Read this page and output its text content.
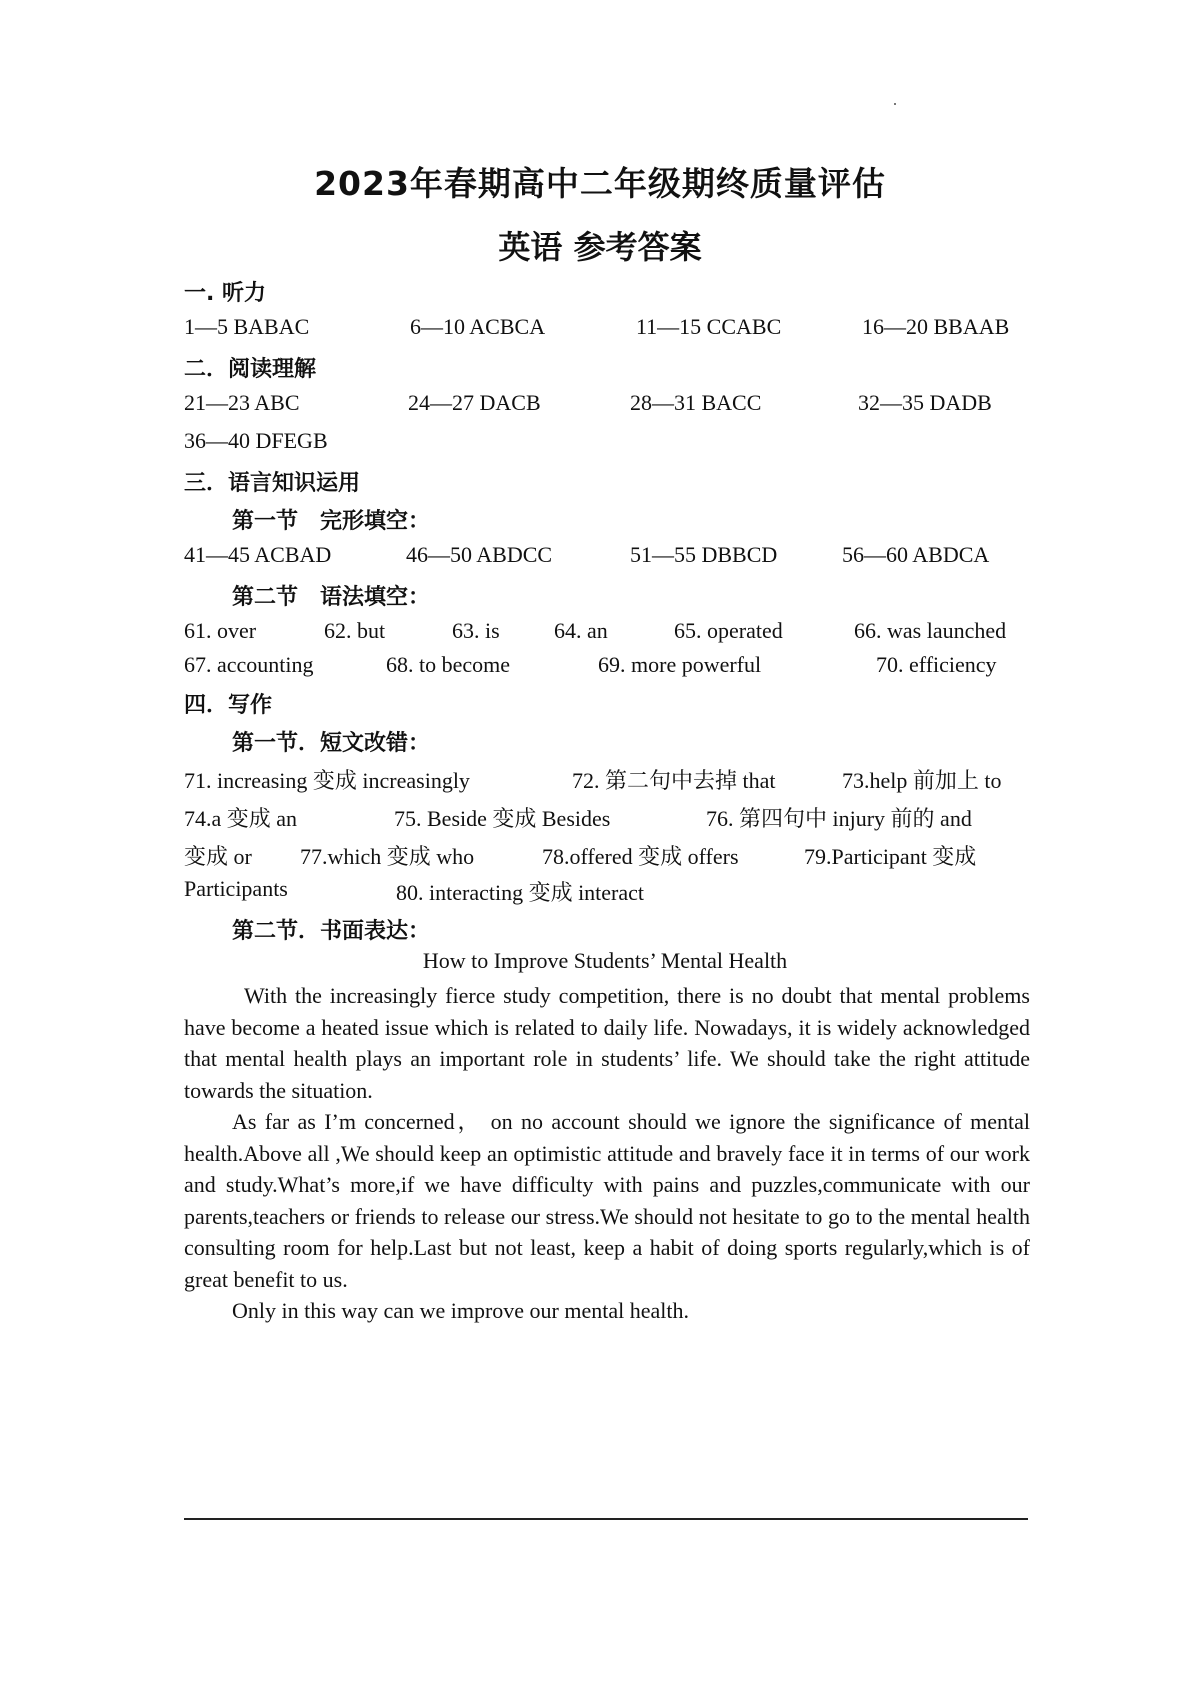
2023年春期高中二年级期终质量评估
英语 参考答案
一. 听力
1—5 BABAC	6—10 ACBCA	11—15 CCABC	16—20 BBAAB
二．阅读理解
21—23 ABC	24—27 DACB	28—31 BACC	32—35 DADB
36—40 DFEGB
三．语言知识运用
第一节　完形填空：
41—45 ACBAD	46—50 ABDCC	51—55 DBBCD	56—60 ABDCA
第二节　语法填空：
61. over	62. but	63. is 64. an	65. operated	66. was launched
67. accounting	68. to become	69. more powerful	70. efficiency
四．写作
第一节．短文改错：
71. increasing 变成 increasingly	72. 第二句中去掉 that	73.help 前加上 to
74.a 变成 an	75. Beside 变成 Besides	76. 第四句中 injury 前的 and
变成 or 77.which 变成 who	78.offered 变成 offers	79.Participant 变成
Participants	80. interacting 变成 interact
第二节．书面表达：
How to Improve Students’ Mental Health

With the increasingly fierce study competition, there is no doubt that mental problems have become a heated issue which is related to daily life. Nowadays, it is widely acknowledged that mental health plays an important role in students’ life. We should take the right attitude towards the situation.

As far as I’m concerned， on no account should we ignore the significance of mental health.Above all ,We should keep an optimistic attitude and bravely face it in terms of our work and study.What’s more,if we have difficulty with pains and puzzles,communicate with our parents,teachers or friends to release our stress.We should not hesitate to go to the mental health consulting room for help.Last but not least, keep a habit of doing sports regularly,which is of great benefit to us.

Only in this way can we improve our mental health.
